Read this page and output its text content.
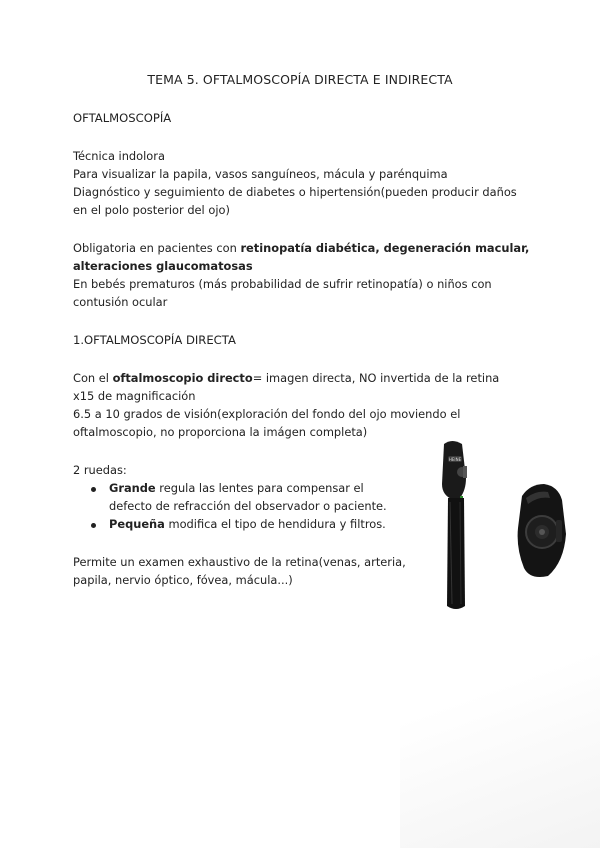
TEMA 5. OFTALMOSCOPÍA DIRECTA E INDIRECTA
OFTALMOSCOPÍA
Técnica indolora
Para visualizar la papila, vasos sanguíneos, mácula y parénquima
Diagnóstico y seguimiento de diabetes o hipertensión(pueden producir daños
en el polo posterior del ojo)
Obligatoria en pacientes con retinopatía diabética, degeneración macular,
alteraciones glaucomatosas
En bebés prematuros (más probabilidad de sufrir retinopatía) o niños con
contusión ocular
1.OFTALMOSCOPÍA DIRECTA
Con el oftalmoscopio directo= imagen directa, NO invertida de la retina
x15 de magnificación
6.5 a 10 grados de visión(exploración del fondo del ojo moviendo el
oftalmoscopio, no proporciona la imágen completa)
2 ruedas:
Grande regula las lentes para compensar el
defecto de refracción del observador o paciente.
Pequeña modifica el tipo de hendidura y filtros.
Permite un examen exhaustivo de la retina(venas, arteria,
papila, nervio óptico, fóvea, mácula...)
HEINE
